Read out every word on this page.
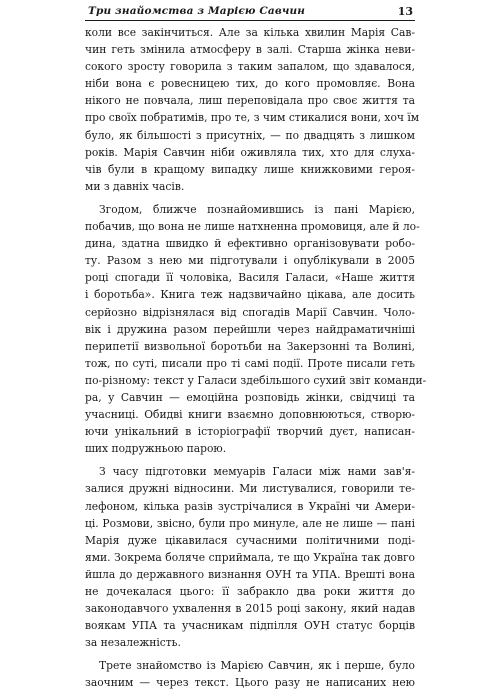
Три знайомства з Марією Савчин	13
коли все закінчиться. Але за кілька хвилин Марія Сав-
чин геть змінила атмосферу в залі. Старша жінка неви-
сокого зросту говорила з таким запалом, що здавалося,
ніби вона є ровесницею тих, до кого промовляє. Вона
нікого не повчала, лиш переповідала про своє життя та
про своїх побратимів, про те, з чим стикалися вони, хоч їм
було, як більшості з присутніх, — по двадцять з лишком
років. Марія Савчин ніби оживляла тих, хто для слуха-
чів були в кращому випадку лише книжковими героя-
ми з давніх часів.
Згодом, ближче познайомившись із пані Марією,
побачив, що вона не лише натхненна промовиця, але й ло-
дина, здатна швидко й ефективно організовувати робо-
ту. Разом з нею ми підготували і опублікували в 2005
році спогади її чоловіка, Василя Галаси, «Наше життя
і боротьба». Книга теж надзвичайно цікава, але досить
серйозно відрізнялася від спогадів Марії Савчин. Чоло-
вік і дружина разом перейшли через найдраматичніші
перипетії визвольної боротьби на Закерзонні та Волині,
тож, по суті, писали про ті самі події. Проте писали геть
по-різному: текст у Галаси здебільшого сухий звіт команди-
ра, у Савчин — емоційна розповідь жінки, свідчиці та
учасниці. Обидві книги взаємно доповнюються, створю-
ючи унікальний в історіографії творчий дуєт, написан-
ших подружньою парою.
З часу підготовки мемуарів Галаси між нами зав'я-
залися дружні відносини. Ми листувалися, говорили те-
лефоном, кілька разів зустрічалися в Україні чи Амери-
ці. Розмови, звісно, були про минуле, але не лише — пані
Марія дуже цікавилася сучасними політичними поді-
ями. Зокрема боляче сприймала, те що Україна так довго
йшла до державного визнання ОУН та УПА. Врешті вона
не дочекалася цього: її забракло два роки життя до
законодавчого ухвалення в 2015 році закону, який надав
воякам УПА та учасникам підпілля ОУН статус борців
за незалежність.
Трете знайомство із Марією Савчин, як і перше, було
заочним — через текст. Цього разу не написаних нею
